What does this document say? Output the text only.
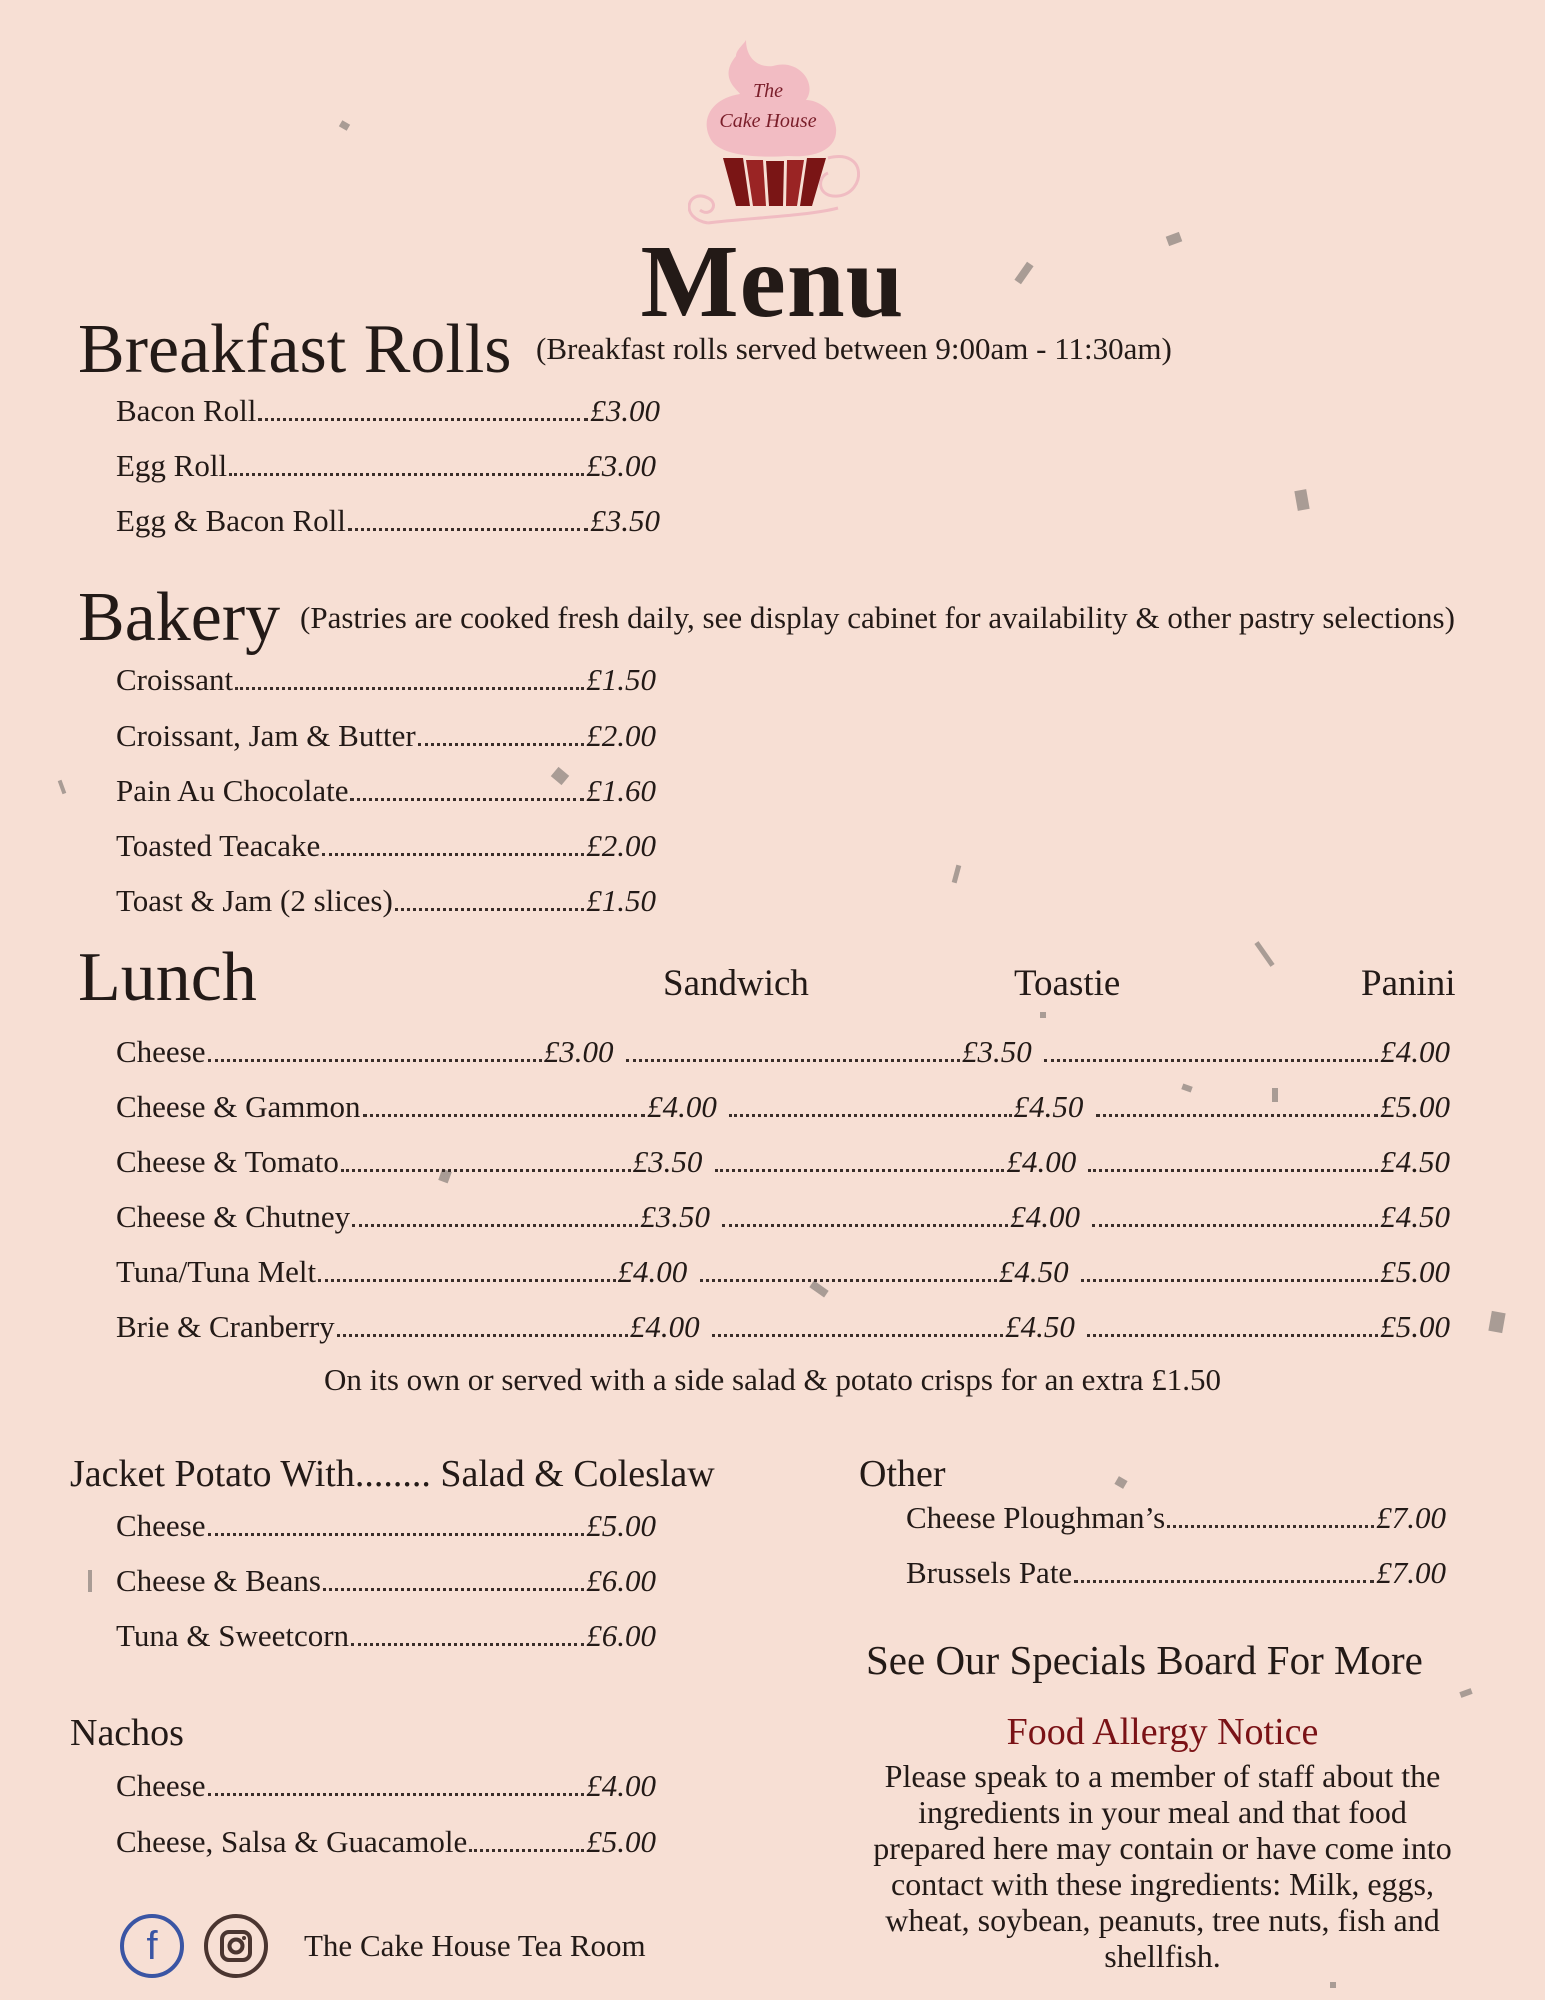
The
Cake House
Menu
Breakfast Rolls (Breakfast rolls served between 9:00am - 11:30am)
Bacon Roll	£3.00
Egg Roll	£3.00
Egg & Bacon Roll	£3.50
Bakery (Pastries are cooked fresh daily, see display cabinet for availability & other pastry selections)
Croissant	£1.50
Croissant, Jam & Butter	£2.00
Pain Au Chocolate	£1.60
Toasted Teacake	£2.00
Toast & Jam (2 slices)	£1.50
Lunch	Sandwich	Toastie	Panini
Cheese	£3.00	£3.50	£4.00
Cheese & Gammon	£4.00	£4.50	£5.00
Cheese & Tomato	£3.50	£4.00	£4.50
Cheese & Chutney	£3.50	£4.00	£4.50
Tuna/Tuna Melt	£4.00	£4.50	£5.00
Brie & Cranberry	£4.00	£4.50	£5.00
On its own or served with a side salad & potato crisps for an extra £1.50
Jacket Potato With........ Salad & Coleslaw
Cheese	£5.00
Cheese & Beans	£6.00
Tuna & Sweetcorn	£6.00
Nachos
Cheese	£4.00
Cheese, Salsa & Guacamole	£5.00
Other
Cheese Ploughman’s	£7.00
Brussels Pate	£7.00
See Our Specials Board For More
Food Allergy Notice
Please speak to a member of staff about the ingredients in your meal and that food prepared here may contain or have come into contact with these ingredients: Milk, eggs, wheat, soybean, peanuts, tree nuts, fish and shellfish.
f	The Cake House Tea Room
